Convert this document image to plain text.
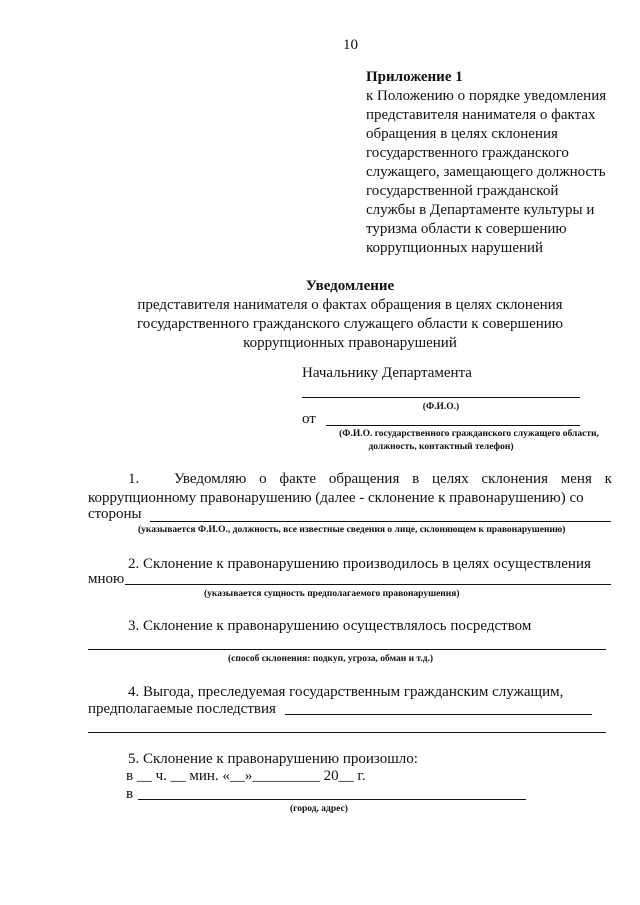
10
Приложение 1
к Положению о порядке уведомления
представителя нанимателя о фактах
обращения в целях склонения
государственного гражданского
служащего, замещающего должность
государственной гражданской
службы в Департаменте культуры и
туризма области к совершению
коррупционных нарушений
Уведомление
представителя нанимателя о фактах обращения в целях склонения
государственного гражданского служащего области к совершению
коррупционных правонарушений
Начальнику Департамента
(Ф.И.О.)
от
(Ф.И.О. государственного гражданского служащего области,
должность, контактный телефон)
1. Уведомляю о факте обращения в целях склонения меня к
коррупционному правонарушению (далее - склонение к правонарушению) со
стороны
(указывается Ф.И.О., должность, все известные сведения о лице, склоняющем к правонарушению)
2. Склонение к правонарушению производилось в целях осуществления
мною
(указывается сущность предполагаемого правонарушения)
3. Склонение к правонарушению осуществлялось посредством
(способ склонения: подкуп, угроза, обман и т.д.)
4. Выгода, преследуемая государственным гражданским служащим,
предполагаемые последствия
5. Склонение к правонарушению произошло:
в __ ч. __ мин. «__»_________ 20__ г.
в
(город, адрес)
